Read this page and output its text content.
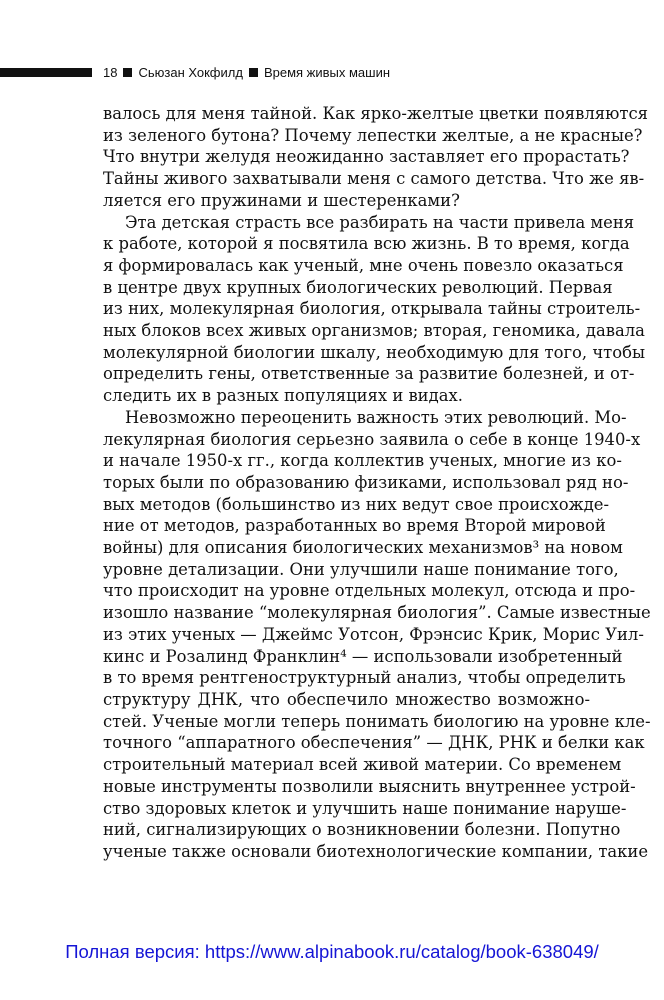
18 Сьюзан Хокфилд Время живых машин

валось для меня тайной. Как ярко-желтые цветки появляются
из зеленого бутона? Почему лепестки желтые, а не красные?
Что внутри желудя неожиданно заставляет его прорастать?
Тайны живого захватывали меня с самого детства. Что же яв-
ляется его пружинами и шестеренками?

Эта детская страсть все разбирать на части привела меня
к работе, которой я посвятила всю жизнь. В то время, когда
я формировалась как ученый, мне очень повезло оказаться
в центре двух крупных биологических революций. Первая
из них, молекулярная биология, открывала тайны строитель-
ных блоков всех живых организмов; вторая, геномика, давала
молекулярной биологии шкалу, необходимую для того, чтобы
определить гены, ответственные за развитие болезней, и от-
следить их в разных популяциях и видах.

Невозможно переоценить важность этих революций. Мо-
лекулярная биология серьезно заявила о себе в конце 1940-х
и начале 1950-х гг., когда коллектив ученых, многие из ко-
торых были по образованию физиками, использовал ряд но-
вых методов (большинство из них ведут свое происхожде-
ние от методов, разработанных во время Второй мировой
войны) для описания биологических механизмов³ на новом
уровне детализации. Они улучшили наше понимание того,
что происходит на уровне отдельных молекул, отсюда и про-
изошло название “молекулярная биология”. Самые известные
из этих ученых — Джеймс Уотсон, Фрэнсис Крик, Морис Уил-
кинс и Розалинд Франклин⁴ — использовали изобретенный
в то время рентгеноструктурный анализ, чтобы определить
структуру ДНК, что обеспечило множество возможно-
стей. Ученые могли теперь понимать биологию на уровне кле-
точного “аппаратного обеспечения” — ДНК, РНК и белки как
строительный материал всей живой материи. Со временем
новые инструменты позволили выяснить внутреннее устрой-
ство здоровых клеток и улучшить наше понимание наруше-
ний, сигнализирующих о возникновении болезни. Попутно
ученые также основали биотехнологические компании, такие

Полная версия: https://www.alpinabook.ru/catalog/book-638049/
